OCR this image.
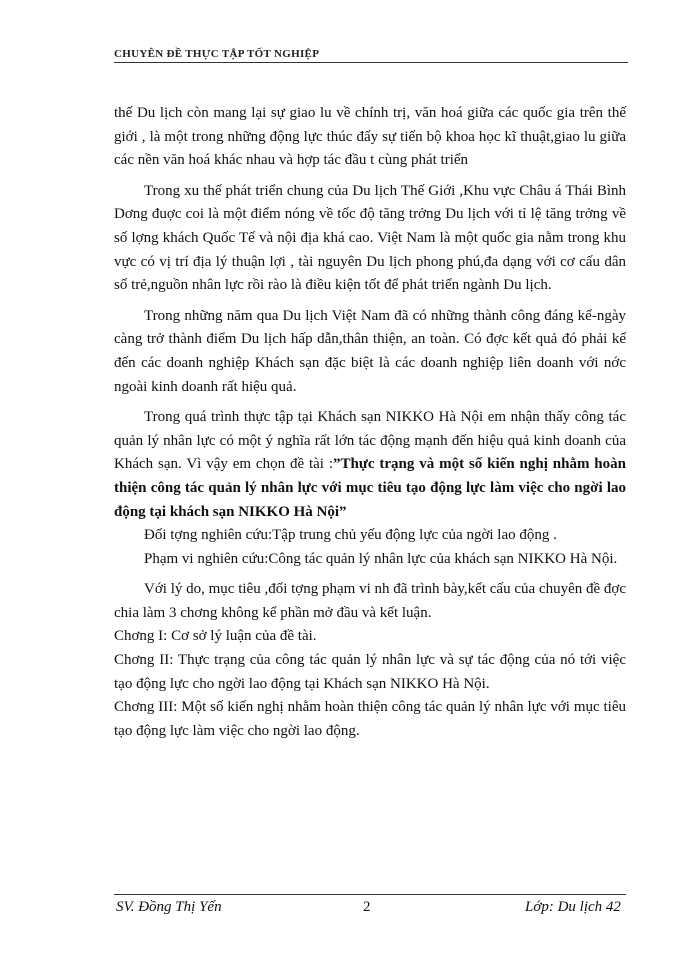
CHUYÊN ĐỀ THỰC TẬP TỐT NGHIỆP

thế Du lịch còn mang lại sự giao lu về chính trị, văn hoá giữa các quốc gia trên thế giới , là một trong những động lực thúc đẩy sự tiến bộ khoa học kĩ thuật,giao lu giữa các nền văn hoá khác nhau và hợp tác đầu t cùng phát triển

Trong xu thế phát triển chung của Du lịch Thế Giới ,Khu vực Châu á Thái Bình Dơng đuợc coi là một điểm nóng về tốc độ tăng trởng Du lịch với tỉ lệ tăng trởng về số lợng khách Quốc Tế và nội địa khá cao. Việt Nam là một quốc gia nằm trong khu vực có vị trí địa lý thuận lợi , tài nguyên Du lịch phong phú,đa dạng với cơ cấu dân số trẻ,nguồn nhân lực rồi rào là điều kiện tốt để phát triển ngành Du lịch.

Trong những năm qua Du lịch Việt Nam đã có những thành công đáng kể-ngày càng trở thành điểm Du lịch hấp dẫn,thân thiện, an toàn. Có đợc kết quả đó phải kể đến các doanh nghiệp Khách sạn đặc biệt là các doanh nghiệp liên doanh với nớc ngoài kinh doanh rất hiệu quả.

Trong quá trình thực tập tại Khách sạn NIKKO Hà Nội em nhận thấy công tác quản lý nhân lực có một ý nghĩa rất lớn tác động mạnh đến hiệu quả kinh doanh của Khách sạn. Vì vậy em chọn đề tài :”Thực trạng và một số kiến nghị nhằm hoàn thiện công tác quản lý nhân lực với mục tiêu tạo động lực làm việc cho ngời lao động tại khách sạn NIKKO Hà Nội”

Đối tợng nghiên cứu:Tập trung chủ yếu động lực của ngời lao động .

Phạm vi nghiên cứu:Công tác quản lý nhân lực của khách sạn NIKKO Hà Nội.

Với lý do, mục tiêu ,đối tợng phạm vi nh đã trình bày,kết cấu của chuyên đề đợc chia làm 3 chơng không kể phần mở đầu và kết luận.

Chơng I: Cơ sở lý luận của đề tài.

Chơng II: Thực trạng của công tác quản lý nhân lực và sự tác động của nó tới việc tạo động lực cho ngời lao động tại Khách sạn NIKKO Hà Nội.

Chơng III: Một số kiến nghị nhằm hoàn thiện công tác quản lý nhân lực với mục tiêu tạo động lực làm việc cho ngời lao động.

SV. Đồng Thị Yến	2	Lớp: Du lịch 42
